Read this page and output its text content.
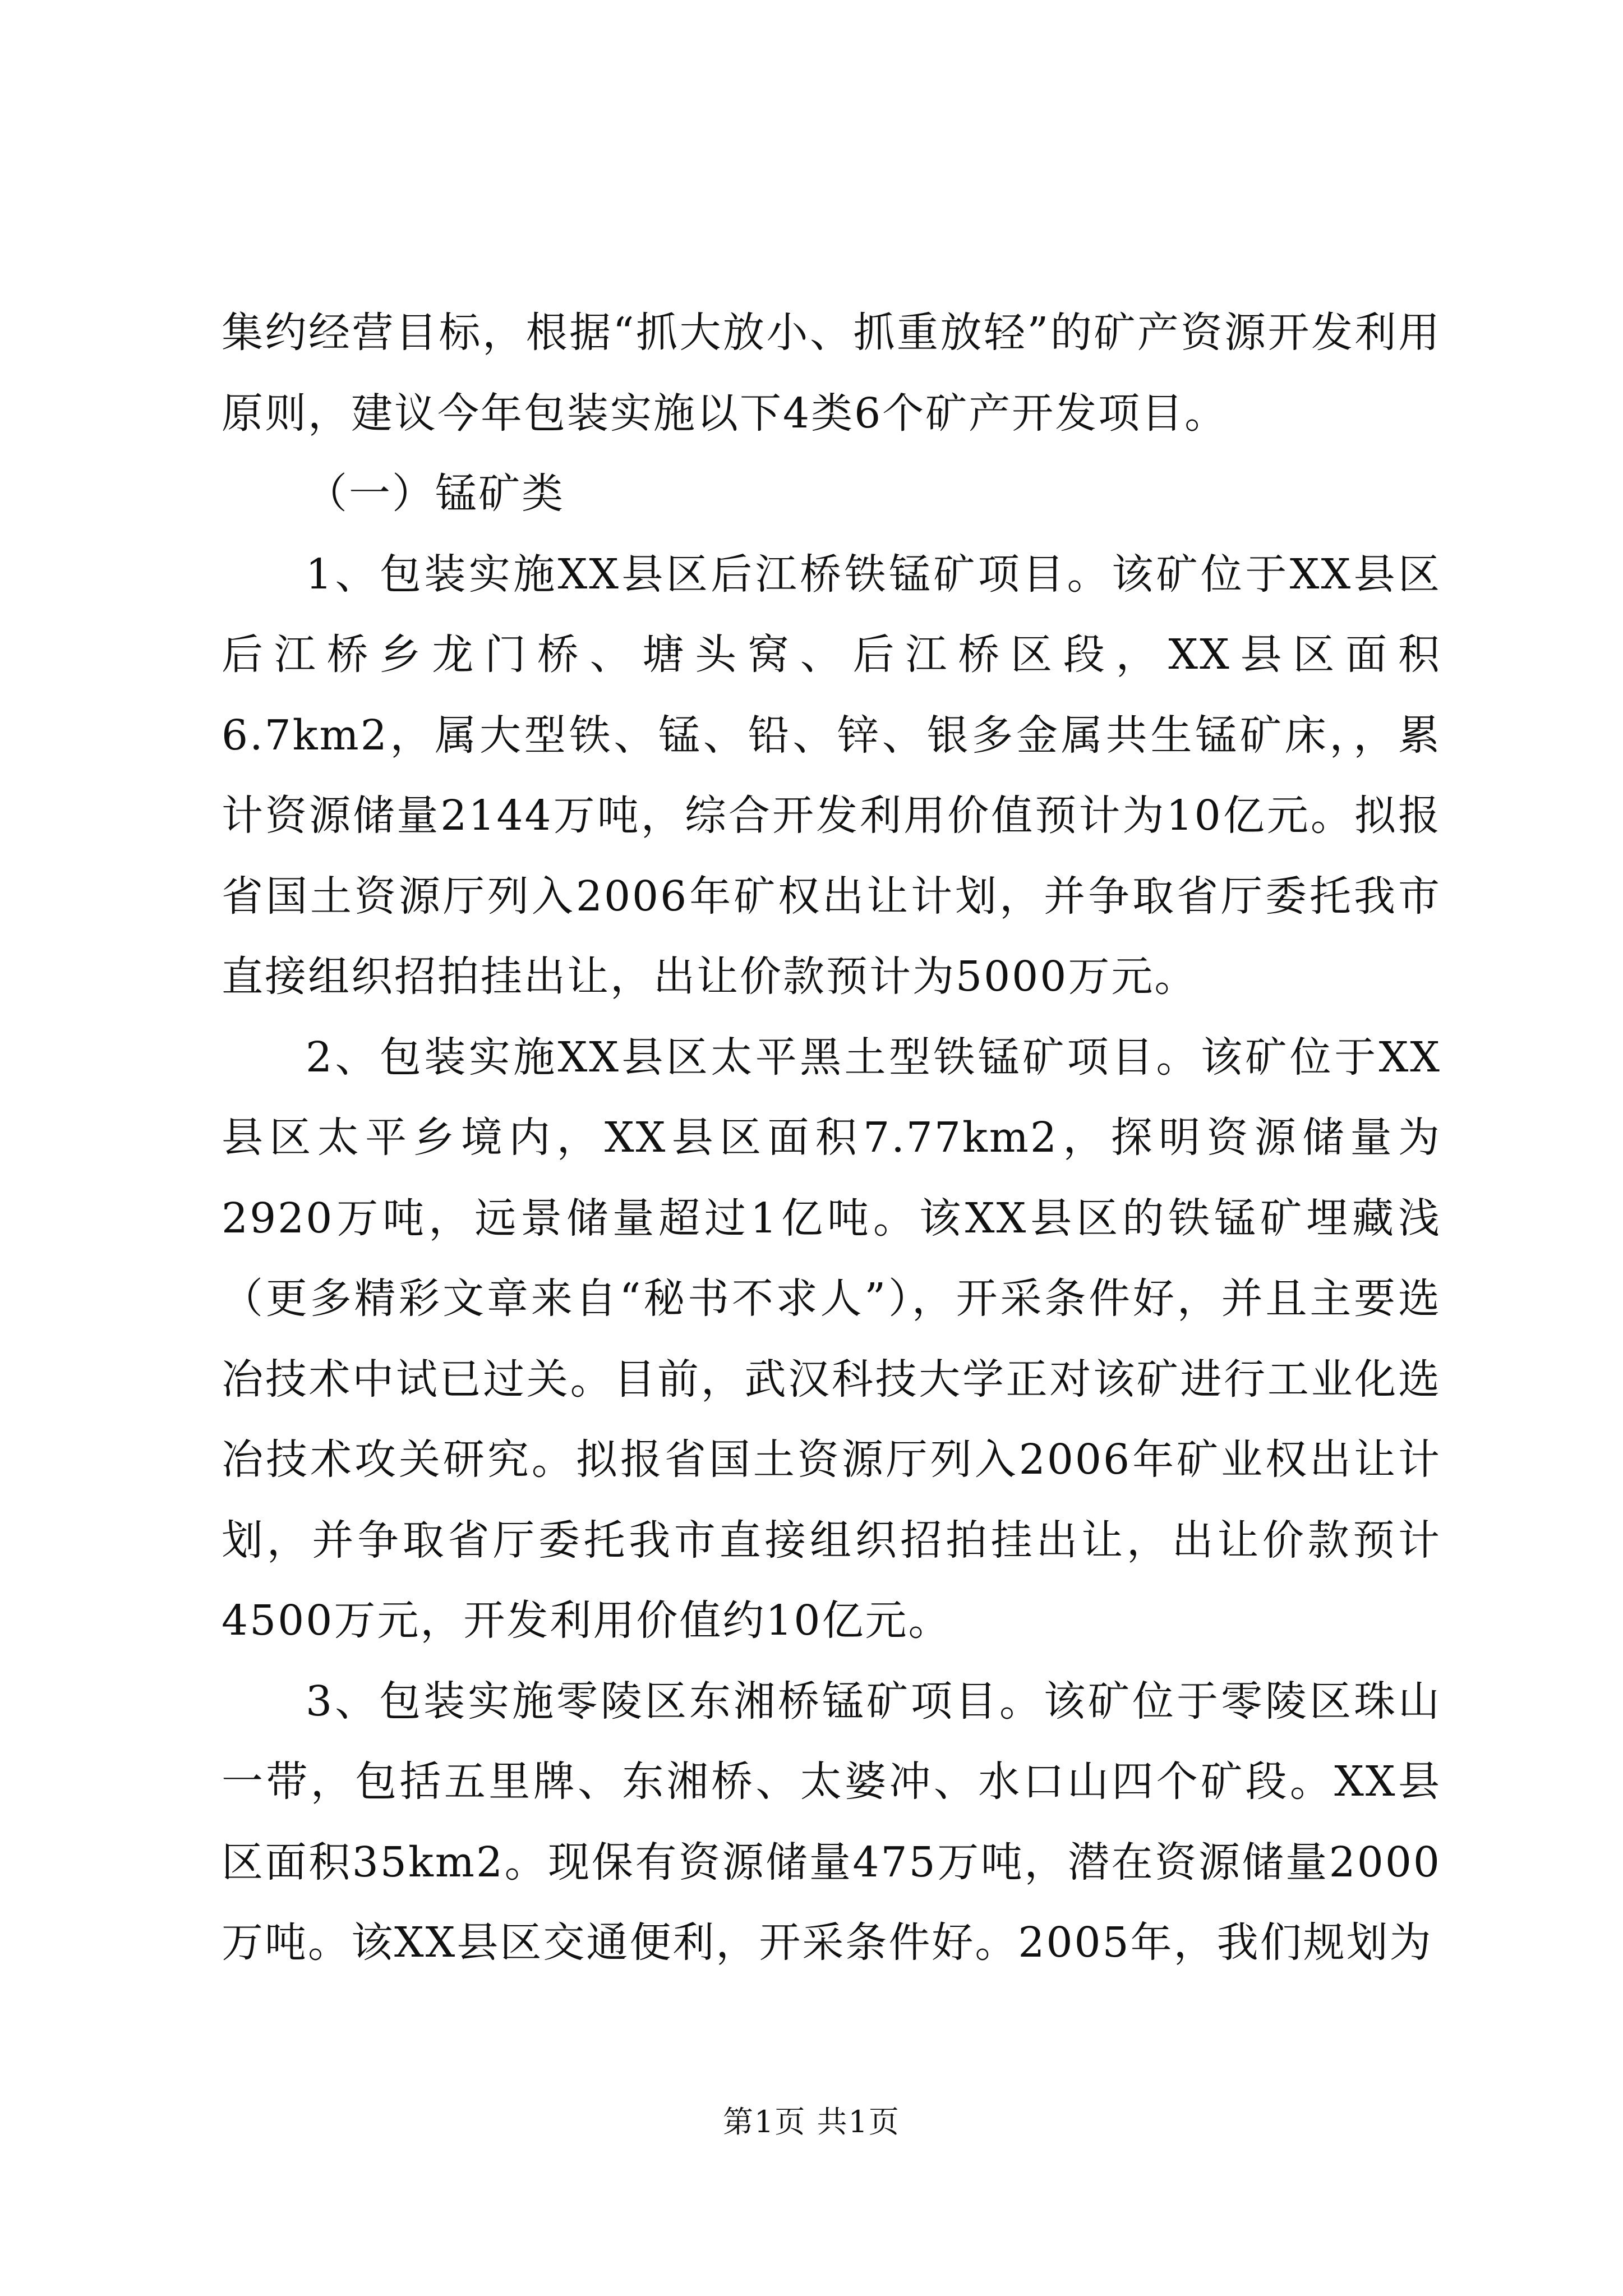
集约经营目标，根据“抓大放小、抓重放轻”的矿产资源开发利用原则，建议今年包装实施以下4类6个矿产开发项目。

（一）锰矿类

1、包装实施XX县区后江桥铁锰矿项目。该矿位于XX县区后江桥乡龙门桥、塘头窝、后江桥区段，XX县区面积6.7km2，属大型铁、锰、铅、锌、银多金属共生锰矿床，，累计资源储量2144万吨，综合开发利用价值预计为10亿元。拟报省国土资源厅列入2006年矿权出让计划，并争取省厅委托我市直接组织招拍挂出让，出让价款预计为5000万元。

2、包装实施XX县区太平黑土型铁锰矿项目。该矿位于XX县区太平乡境内，XX县区面积7.77km2，探明资源储量为2920万吨，远景储量超过1亿吨。该XX县区的铁锰矿埋藏浅（更多精彩文章来自“秘书不求人”），开采条件好，并且主要选冶技术中试已过关。目前，武汉科技大学正对该矿进行工业化选冶技术攻关研究。拟报省国土资源厅列入2006年矿业权出让计划，并争取省厅委托我市直接组织招拍挂出让，出让价款预计4500万元，开发利用价值约10亿元。

3、包装实施零陵区东湘桥锰矿项目。该矿位于零陵区珠山一带，包括五里牌、东湘桥、太婆冲、水口山四个矿段。XX县区面积35km2。现保有资源储量475万吨，潜在资源储量2000万吨。该XX县区交通便利，开采条件好。2005年，我们规划为

第1页 共1页
